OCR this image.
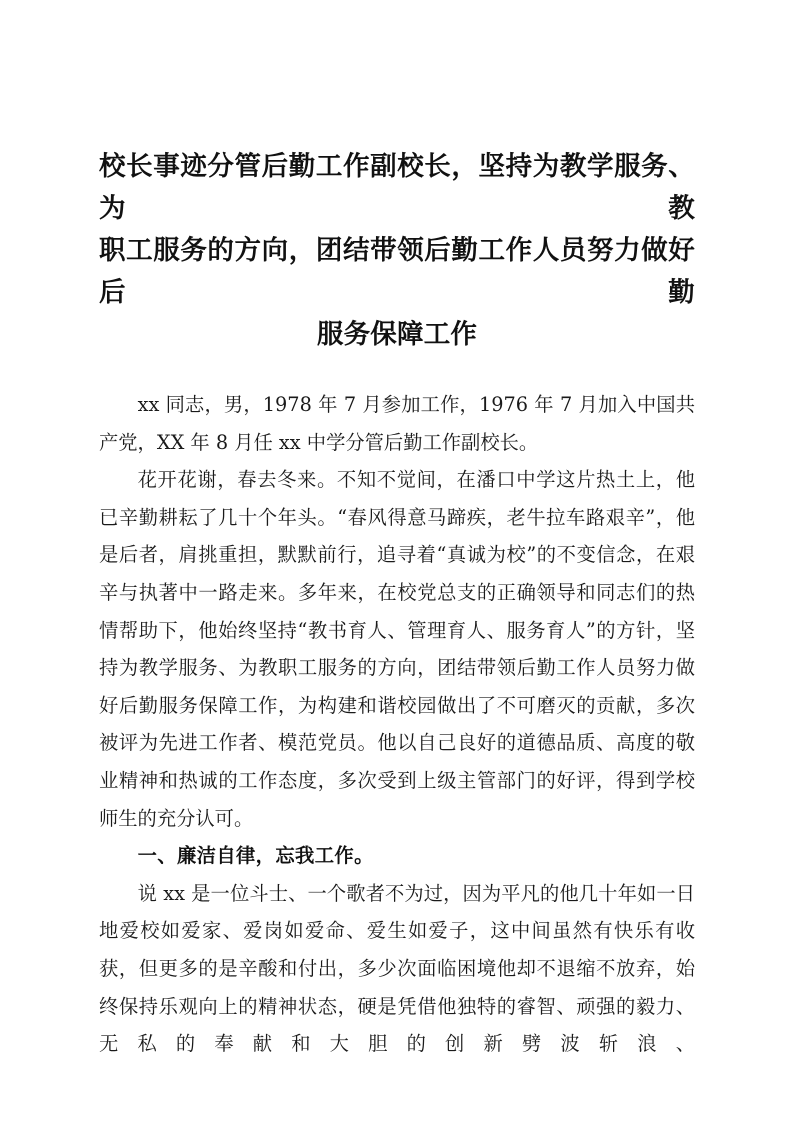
校长事迹分管后勤工作副校长，坚持为教学服务、为教
职工服务的方向，团结带领后勤工作人员努力做好后勤
服务保障工作

xx 同志，男，1978 年 7 月参加工作，1976 年 7 月加入中国共产党，XX 年 8 月任 xx 中学分管后勤工作副校长。

花开花谢，春去冬来。不知不觉间，在潘口中学这片热土上，他已辛勤耕耘了几十个年头。“春风得意马蹄疾，老牛拉车路艰辛”，他是后者，肩挑重担，默默前行，追寻着“真诚为校”的不变信念，在艰辛与执著中一路走来。多年来，在校党总支的正确领导和同志们的热情帮助下，他始终坚持“教书育人、管理育人、服务育人”的方针，坚持为教学服务、为教职工服务的方向，团结带领后勤工作人员努力做好后勤服务保障工作，为构建和谐校园做出了不可磨灭的贡献，多次被评为先进工作者、模范党员。他以自己良好的道德品质、高度的敬业精神和热诚的工作态度，多次受到上级主管部门的好评，得到学校师生的充分认可。

一、廉洁自律，忘我工作。

说 xx 是一位斗士、一个歌者不为过，因为平凡的他几十年如一日地爱校如爱家、爱岗如爱命、爱生如爱子，这中间虽然有快乐有收获，但更多的是辛酸和付出，多少次面临困境他却不退缩不放弃，始终保持乐观向上的精神状态，硬是凭借他独特的睿智、顽强的毅力、无私的奉献和大胆的创新劈波斩浪、
